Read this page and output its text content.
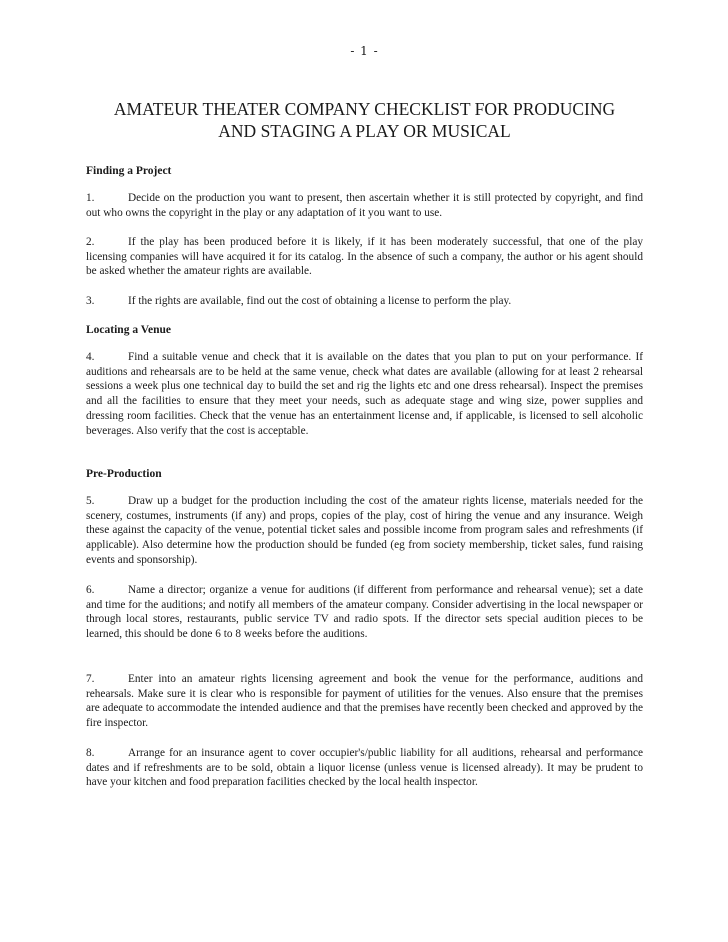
- 1 -
AMATEUR THEATER COMPANY CHECKLIST FOR PRODUCING
AND STAGING A PLAY OR MUSICAL
Finding a Project

1.	Decide on the production you want to present, then ascertain whether it is still protected by copyright, and find out who owns the copyright in the play or any adaptation of it you want to use.

2.	If the play has been produced before it is likely, if it has been moderately successful, that one of the play licensing companies will have acquired it for its catalog. In the absence of such a company, the author or his agent should be asked whether the amateur rights are available.

3.	If the rights are available, find out the cost of obtaining a license to perform the play.

Locating a Venue

4.	Find a suitable venue and check that it is available on the dates that you plan to put on your performance. If auditions and rehearsals are to be held at the same venue, check what dates are available (allowing for at least 2 rehearsal sessions a week plus one technical day to build the set and rig the lights etc and one dress rehearsal). Inspect the premises and all the facilities to ensure that they meet your needs, such as adequate stage and wing size, power supplies and dressing room facilities. Check that the venue has an entertainment license and, if applicable, is licensed to sell alcoholic beverages. Also verify that the cost is acceptable.

Pre-Production

5.	Draw up a budget for the production including the cost of the amateur rights license, materials needed for the scenery, costumes, instruments (if any) and props, copies of the play, cost of hiring the venue and any insurance. Weigh these against the capacity of the venue, potential ticket sales and possible income from program sales and refreshments (if applicable). Also determine how the production should be funded (eg from society membership, ticket sales, fund raising events and sponsorship).

6.	Name a director; organize a venue for auditions (if different from performance and rehearsal venue); set a date and time for the auditions; and notify all members of the amateur company. Consider advertising in the local newspaper or through local stores, restaurants, public service TV and radio spots. If the director sets special audition pieces to be learned, this should be done 6 to 8 weeks before the auditions.

7.	Enter into an amateur rights licensing agreement and book the venue for the performance, auditions and rehearsals. Make sure it is clear who is responsible for payment of utilities for the venues. Also ensure that the premises are adequate to accommodate the intended audience and that the premises have recently been checked and approved by the fire inspector.

8.	Arrange for an insurance agent to cover occupier's/public liability for all auditions, rehearsal and performance dates and if refreshments are to be sold, obtain a liquor license (unless venue is licensed already). It may be prudent to have your kitchen and food preparation facilities checked by the local health inspector.
